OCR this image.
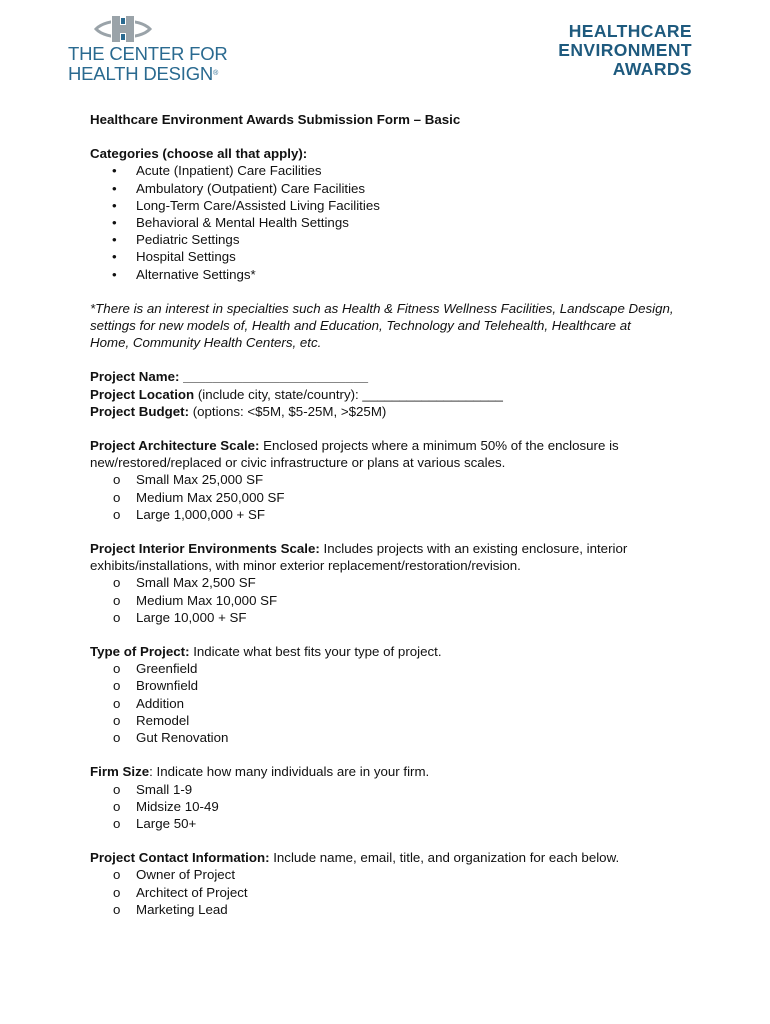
THE CENTER FOR
HEALTH DESIGN®
HEALTHCARE
ENVIRONMENT
AWARDS

Healthcare Environment Awards Submission Form – Basic

Categories (choose all that apply):

• Acute (Inpatient) Care Facilities
• Ambulatory (Outpatient) Care Facilities
• Long-Term Care/Assisted Living Facilities
• Behavioral & Mental Health Settings
• Pediatric Settings
• Hospital Settings
• Alternative Settings*

*There is an interest in specialties such as Health & Fitness Wellness Facilities, Landscape Design,

settings for new models of, Health and Education, Technology and Telehealth, Healthcare at

Home, Community Health Centers, etc.

Project Name: _________________________

Project Location (include city, state/country): ___________________

Project Budget: (options: <$5M, $5-25M, >$25M)

Project Architecture Scale: Enclosed projects where a minimum 50% of the enclosure is

new/restored/replaced or civic infrastructure or plans at various scales.

o Small Max 25,000 SF
o Medium Max 250,000 SF
o Large 1,000,000 + SF

Project Interior Environments Scale: Includes projects with an existing enclosure, interior

exhibits/installations, with minor exterior replacement/restoration/revision.

o Small Max 2,500 SF
o Medium Max 10,000 SF
o Large 10,000 + SF

Type of Project: Indicate what best fits your type of project.

o Greenfield
o Brownfield
o Addition
o Remodel
o Gut Renovation

Firm Size: Indicate how many individuals are in your firm.

o Small 1-9
o Midsize 10-49
o Large 50+

Project Contact Information: Include name, email, title, and organization for each below.

o Owner of Project
o Architect of Project
o Marketing Lead
